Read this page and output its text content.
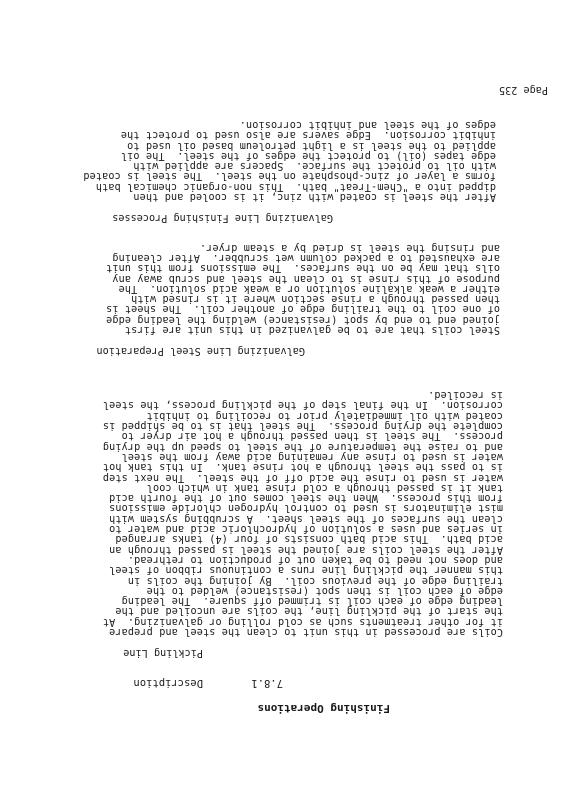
Page 235
Finishing Operations
7.8.1
Description
Pickling Line
Coils are processed in this unit to clean the steel and prepare
it for other treatments such as cold rolling or galvanizing.  At
the start of the pickling line, the coils are uncoiled and the
leading edge of each coil is trimmed off square.  The leading
edge of each coil is then spot (resistance) welded to the
trailing edge of the previous coil.  By joining the coils in
this manner the pickling line runs a continuous ribbon of steel
and does not need to be taken out of production to rethread.
After the steel coils are joined the steel is passed through an
acid bath.  This acid bath consists of four (4) tanks arranged
in series and uses a solution of hydrochloric acid and water to
clean the surfaces of the steel sheet.  A scrubbing system with
mist eliminators is used to control hydrogen chloride emissions
from this process.  When the steel comes out of the fourth acid
tank it is passed through a cold rinse tank in which cool
water is used to rinse the acid off of the steel.  The next step
is to pass the steel through a hot rinse tank.  In this tank hot
water is used to rinse any remaining acid away from the steel
and to raise the temperature of the steel to speed up the drying
process.  The steel is then passed through a hot air dryer to
complete the drying process.  The steel that is to be shipped is
coated with oil immediately prior to recoiling to inhibit
corrosion.  In the final step of the pickling process, the steel
is recoiled.
Galvanizing Line Steel Preparation
Steel coils that are to be galvanized in this unit are first
joined end to end by spot (resistance) welding the leading edge
of one coil to the trailing edge of another coil.  The sheet is
then passed through a rinse section where it is rinsed with
either a weak alkaline solution or a weak acid solution.  The
purpose of this rinse is to clean the steel and scrub away any
oils that may be on the surfaces.  The emissions from this unit
are exhausted to a packed column wet scrubber.  After cleaning
and rinsing the steel is dried by a steam dryer.
Galvanizing Line Finishing Processes
After the steel is coated with zinc, it is cooled and then
dipped into a "Chem-Treat" bath.  This non-organic chemical bath
forms a layer of zinc-phosphate on the steel.  The steel is coated
with oil to protect the surface.  Spacers are applied with
edge tapes (oil) to protect the edges of the steel.  The oil
applied to the steel is a light petroleum based oil used to
inhibit corrosion.  Edge savers are also used to protect the
edges of the steel and inhibit corrosion.
